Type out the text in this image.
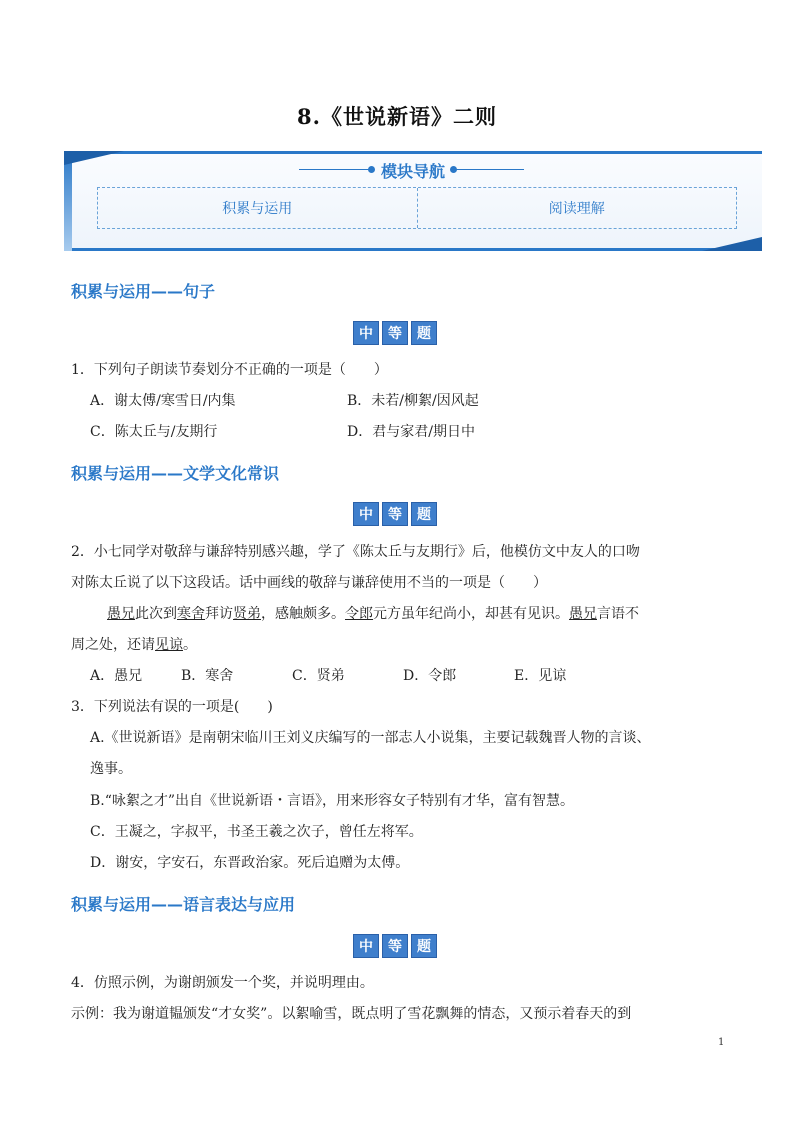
8.《世说新语》二则
模块导航
积累与运用	阅读理解
积累与运用——句子
中	等	题
1．下列句子朗读节奏划分不正确的一项是（　　）
A．谢太傅/寒雪日/内集	B．未若/柳絮/因风起
C．陈太丘与/友期行	D．君与家君/期日中
积累与运用——文学文化常识
中	等	题
2．小七同学对敬辞与谦辞特别感兴趣，学了《陈太丘与友期行》后，他模仿文中友人的口吻
对陈太丘说了以下这段话。话中画线的敬辞与谦辞使用不当的一项是（　　）
愚兄此次到寒舍拜访贤弟，感触颇多。令郎元方虽年纪尚小，却甚有见识。愚兄言语不
周之处，还请见谅。
A．愚兄	B．寒舍	C．贤弟	D．令郎	E．见谅
3．下列说法有误的一项是(　　)
A.《世说新语》是南朝宋临川王刘义庆编写的一部志人小说集，主要记载魏晋人物的言谈、
逸事。
B.“咏絮之才”出自《世说新语・言语》，用来形容女子特别有才华，富有智慧。
C．王凝之，字叔平，书圣王羲之次子，曾任左将军。
D．谢安，字安石，东晋政治家。死后追赠为太傅。
积累与运用——语言表达与应用
中	等	题
4．仿照示例，为谢朗颁发一个奖，并说明理由。
示例：我为谢道韫颁发“才女奖”。以絮喻雪，既点明了雪花飘舞的情态，又预示着春天的到
1
